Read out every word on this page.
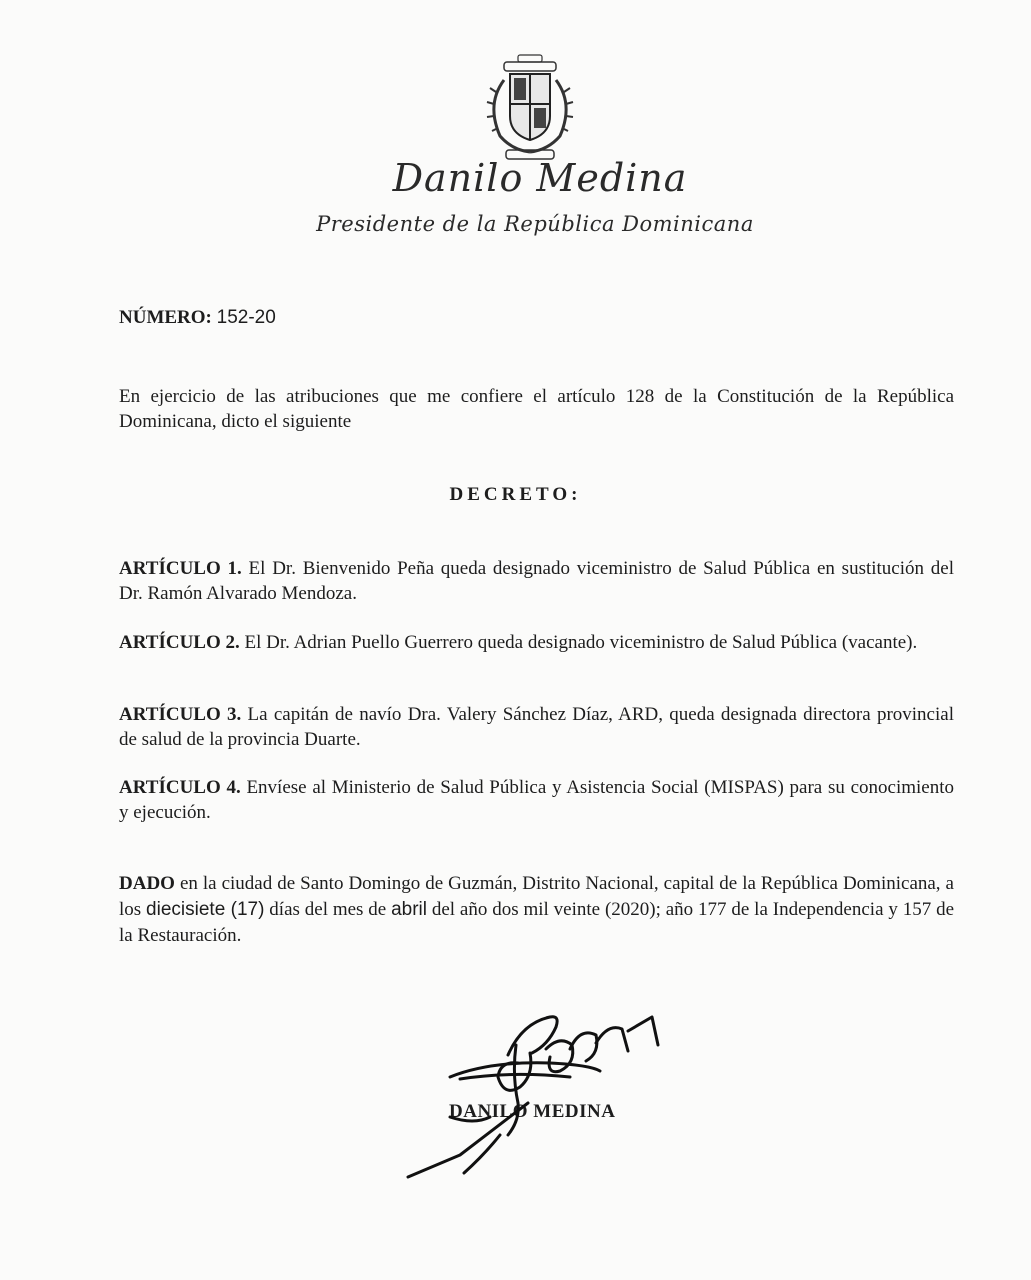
Danilo Medina
Presidente de la República Dominicana
NÚMERO: 152-20
En ejercicio de las atribuciones que me confiere el artículo 128 de la Constitución de la República Dominicana, dicto el siguiente
DECRETO:
ARTÍCULO 1. El Dr. Bienvenido Peña queda designado viceministro de Salud Pública en sustitución del Dr. Ramón Alvarado Mendoza.
ARTÍCULO 2. El Dr. Adrian Puello Guerrero queda designado viceministro de Salud Pública (vacante).
ARTÍCULO 3. La capitán de navío Dra. Valery Sánchez Díaz, ARD, queda designada directora provincial de salud de la provincia Duarte.
ARTÍCULO 4. Envíese al Ministerio de Salud Pública y Asistencia Social (MISPAS) para su conocimiento y ejecución.
DADO en la ciudad de Santo Domingo de Guzmán, Distrito Nacional, capital de la República Dominicana, a los diecisiete (17) días del mes de abril del año dos mil veinte (2020); año 177 de la Independencia y 157 de la Restauración.
DANILO MEDINA
